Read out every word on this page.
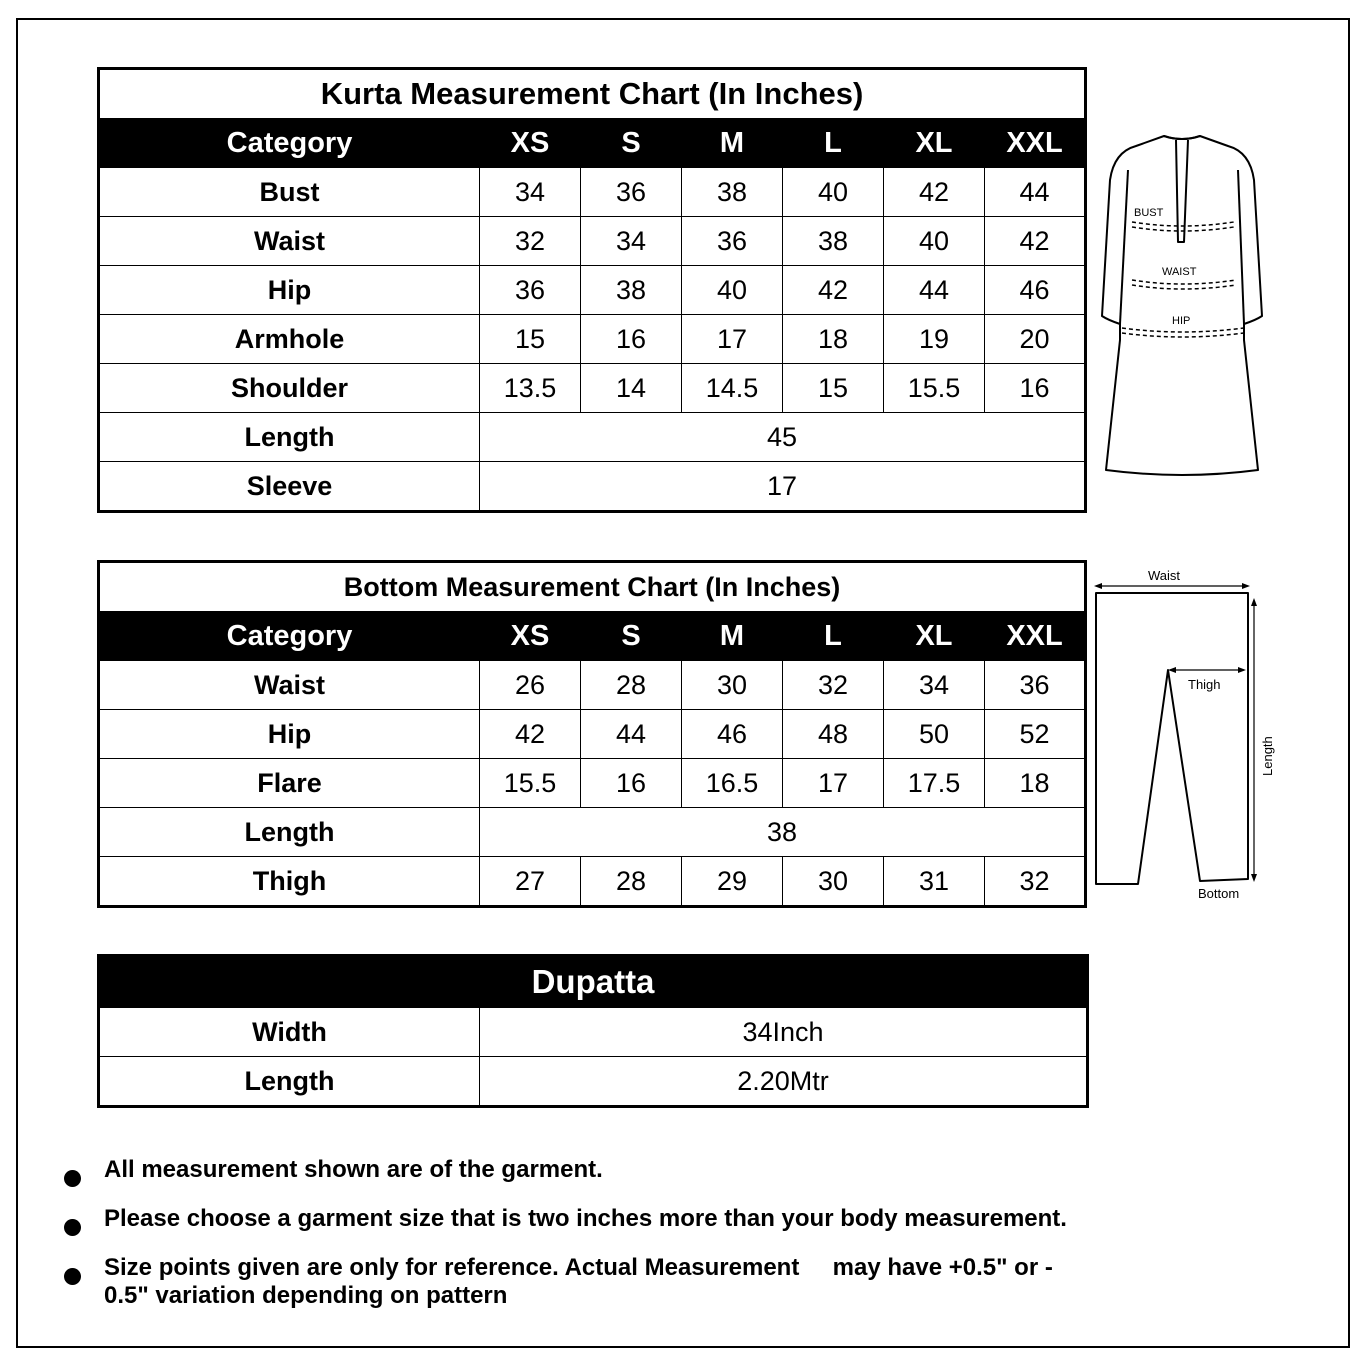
Kurta Measurement Chart (In Inches)						
Category	XS	S	M	L	XL	XXL
Bust	34	36	38	40	42	44
Waist	32	34	36	38	40	42
Hip	36	38	40	42	44	46
Armhole	15	16	17	18	19	20
Shoulder	13.5	14	14.5	15	15.5	16
Length	45					
Sleeve	17					
BUST
WAIST
HIP
Bottom Measurement Chart (In Inches)						
Category	XS	S	M	L	XL	XXL
Waist	26	28	30	32	34	36
Hip	42	44	46	48	50	52
Flare	15.5	16	16.5	17	17.5	18
Length	38					
Thigh	27	28	29	30	31	32
Waist
Thigh
Length
Bottom
Dupatta	
Width	34Inch
Length	2.20Mtr
All measurement shown are of the garment.
Please choose a garment size that is two inches more than your body measurement.
Size points given are only for reference. Actual Measurement     may have +0.5" or -
0.5" variation depending on pattern
